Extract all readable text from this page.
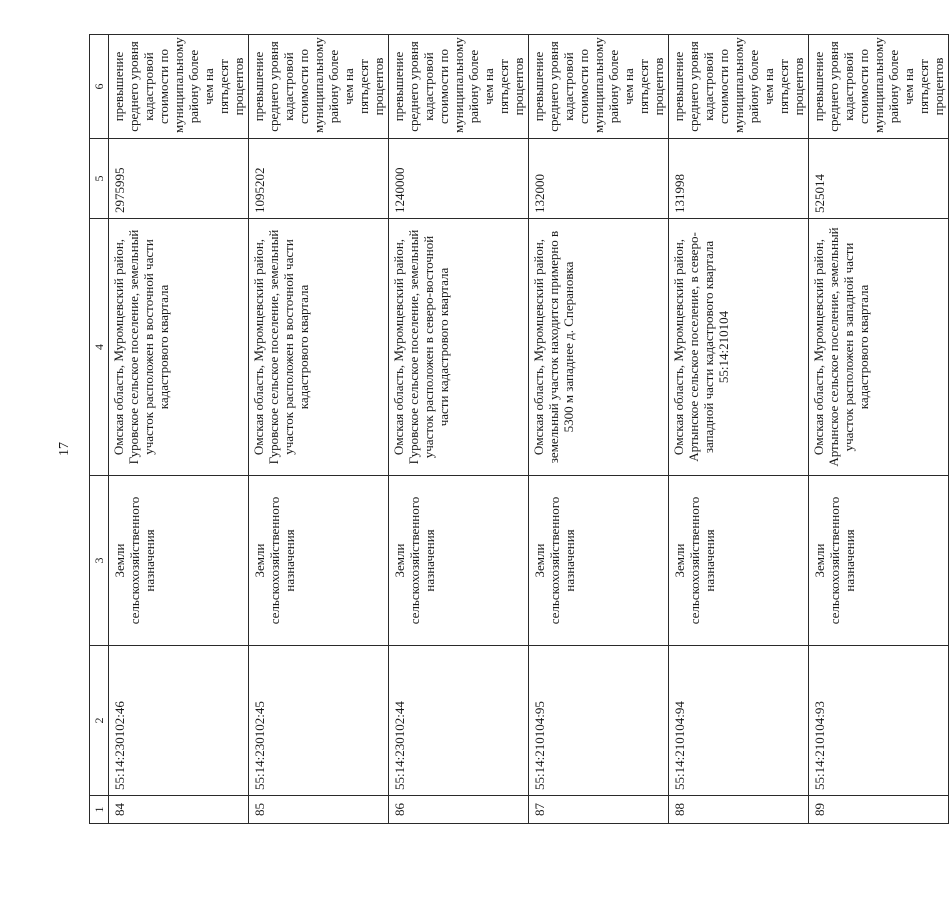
17
1	2	3	4	5	6
84	55:14:230102:46	Земли сельскохозяйственного назначения	Омская область, Муромцевский район, Гуровское сельское поселение, земельный участок расположен в восточной части кадастрового квартала	2975995	превышение среднего уровня кадастровой стоимости по муниципальному району более чем на пятьдесят процентов
85	55:14:230102:45	Земли сельскохозяйственного назначения	Омская область, Муромцевский район, Гуровское сельское поселение, земельный участок расположен в восточной части кадастрового квартала	1095202	превышение среднего уровня кадастровой стоимости по муниципальному району более чем на пятьдесят процентов
86	55:14:230102:44	Земли сельскохозяйственного назначения	Омская область, Муромцевский район, Гуровское сельское поселение, земельный участок расположен в северо-восточной части кадастрового квартала	1240000	превышение среднего уровня кадастровой стоимости по муниципальному району более чем на пятьдесят процентов
87	55:14:210104:95	Земли сельскохозяйственного назначения	Омская область, Муромцевский район, земельный участок находится примерно в 5300 м западнее д. Сперановка	132000	превышение среднего уровня кадастровой стоимости по муниципальному району более чем на пятьдесят процентов
88	55:14:210104:94	Земли сельскохозяйственного назначения	Омская область, Муромцевский район, Артынское сельское поселение, в северо-западной части кадастрового квартала 55:14:210104	131998	превышение среднего уровня кадастровой стоимости по муниципальному району более чем на пятьдесят процентов
89	55:14:210104:93	Земли сельскохозяйственного назначения	Омская область, Муромцевский район, Артынское сельское поселение, земельный участок расположен в западной части кадастрового квартала	525014	превышение среднего уровня кадастровой стоимости по муниципальному району более чем на пятьдесят процентов
